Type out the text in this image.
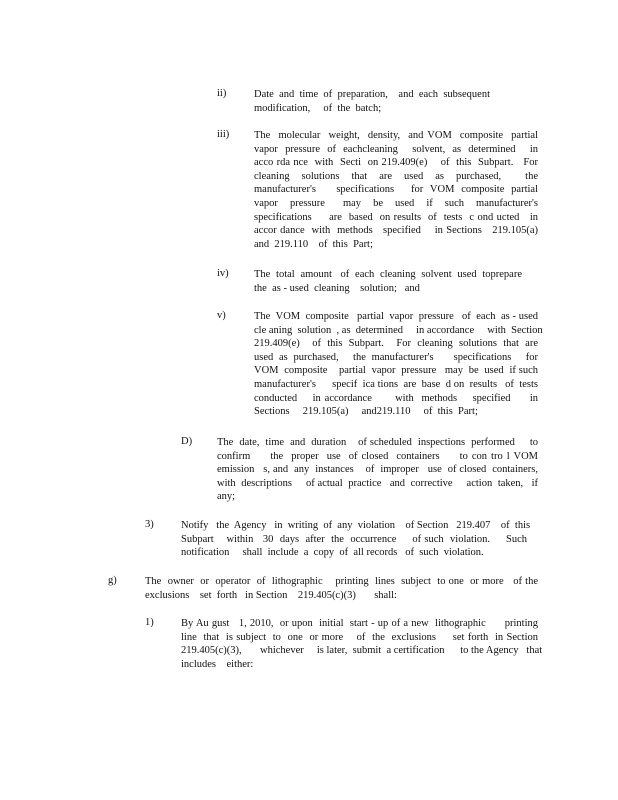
ii)	Date  and  time  of  preparation,    and  each  subsequent
modification,     of  the  batch;
iii) The  molecular  weight,  density,  and VOM  composite  partial
vapor  pressure  of  eachcleaning    solvent,  as  determined    in
acco rda nce  with  Secti  on 219.409(e)    of  this  Subpart.   For
cleaning  solutions  that  are  used  as  purchased,    the
manufacturer's      specifications     for  VOM  composite  partial
vapor  pressure   may  be  used  if  such  manufacturer's
specifications     are  based  on results  of  tests  c ond ucted   in
accor dance  with  methods   specified    in Sections   219.105(a)
and  219.110    of  this  Part;
iv) The  total  amount   of  each  cleaning  solvent  used  toprepare
the  as - used  cleaning    solution;   and
v)	The  VOM  composite   partial  vapor  pressure   of  each  as - used
cle aning  solution  , as  determined     in accordance     with  Section
219.409(e)    of  this  Subpart.    For  cleaning  solutions  that  are
used  as  purchased,     the  manufacturer's       specifications     for
VOM  composite    partial  vapor  pressure   may  be  used  if such
manufacturer's      specif  ica tions  are  base  d on  results   of  tests
conducted    in accordance      with  methods    specified     in
Sections     219.105(a)     and219.110     of  this  Part;
D) The  date,  time  and  duration    of scheduled  inspections  performed     to
confirm     the  proper  use  of closed  containers     to con tro l VOM
emission   s, and  any  instances    of  improper   use  of closed  containers,
with  descriptions     of actual  practice   and  corrective     action  taken,   if
any;
3)	Notify   the  Agency   in  writing  of  any  violation    of Section   219.407    of  this
Subpart    within   30  days  after  the  occurrence     of such  violation.     Such
notification     shall  include  a  copy  of  all records   of  such  violation.
g)	The  owner  or  operator  of  lithographic    printing  lines  subject  to one  or more   of the
exclusions    set  forth   in Section    219.405(c)(3)       shall:
1)	By Au gust   1, 2010,  or upon  initial  start - up of a new  lithographic      printing
line  that  is subject  to  one  or more    of  the  exclusions     set forth  in Section
219.405(c)(3),       whichever     is later,  submit  a certification      to the Agency   that
includes    either:
